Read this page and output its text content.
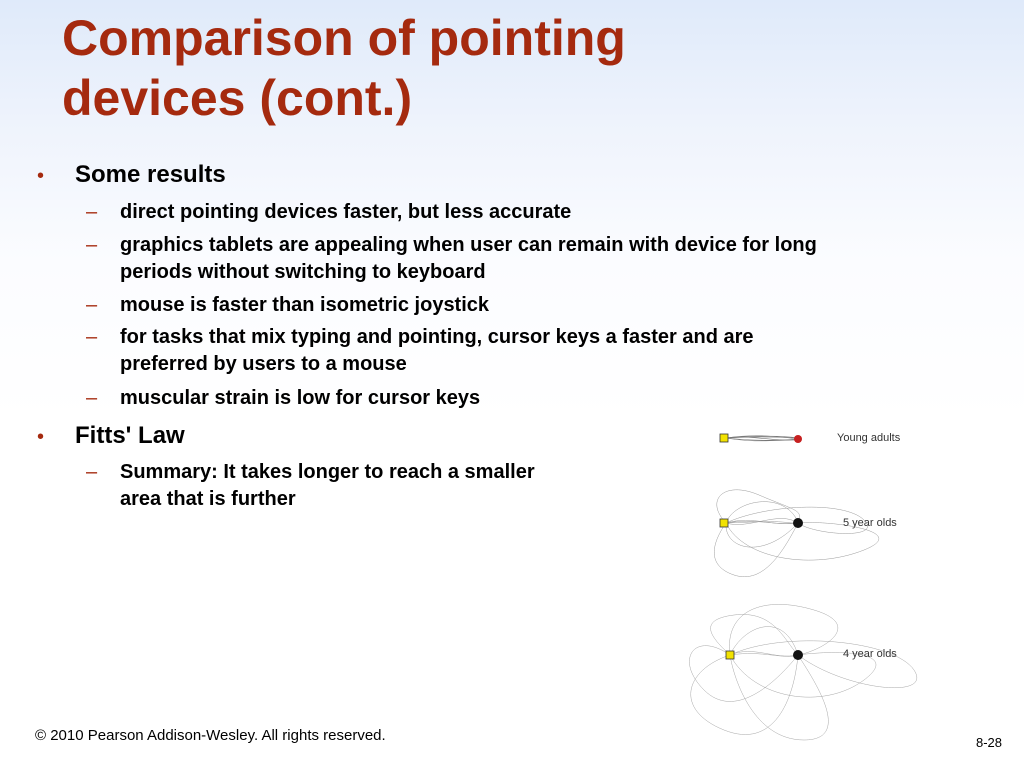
Comparison of pointing
devices (cont.)
• Some results
– direct pointing devices faster, but less accurate
– graphics tablets are appealing when user can remain with device for long
periods without switching to keyboard
– mouse is faster than isometric joystick
– for tasks that mix typing and pointing, cursor keys a faster and are
preferred by users to a mouse
– muscular strain is low for cursor keys
• Fitts' Law
– Summary: It takes longer to reach a smaller
area that is further
Young adults
5 year olds
4 year olds
© 2010 Pearson Addison-Wesley. All rights reserved.	8-28
